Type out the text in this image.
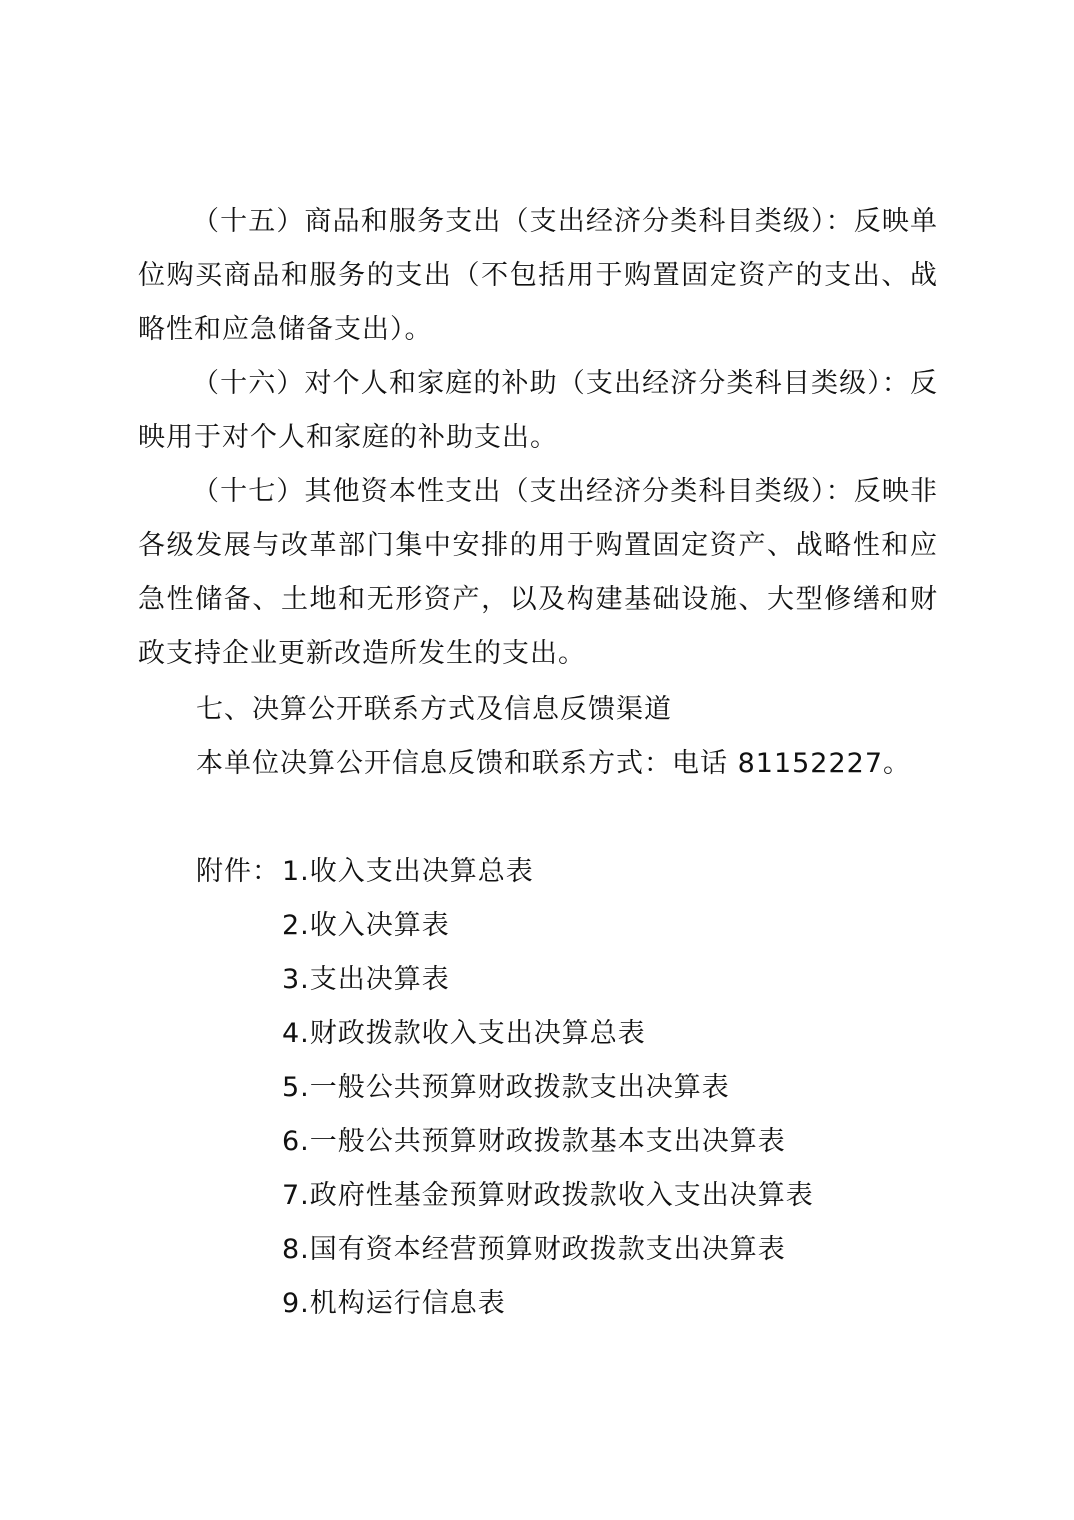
（十五）商品和服务支出（支出经济分类科目类级）：反映单位购买商品和服务的支出（不包括用于购置固定资产的支出、战略性和应急储备支出）。

（十六）对个人和家庭的补助（支出经济分类科目类级）：反映用于对个人和家庭的补助支出。

（十七）其他资本性支出（支出经济分类科目类级）：反映非各级发展与改革部门集中安排的用于购置固定资产、战略性和应急性储备、土地和无形资产，以及构建基础设施、大型修缮和财政支持企业更新改造所发生的支出。

七、决算公开联系方式及信息反馈渠道
本单位决算公开信息反馈和联系方式：电话 81152227。
附件： 1.收入支出决算总表
2.收入决算表
3.支出决算表
4.财政拨款收入支出决算总表
5.一般公共预算财政拨款支出决算表
6.一般公共预算财政拨款基本支出决算表
7.政府性基金预算财政拨款收入支出决算表
8.国有资本经营预算财政拨款支出决算表
9.机构运行信息表
